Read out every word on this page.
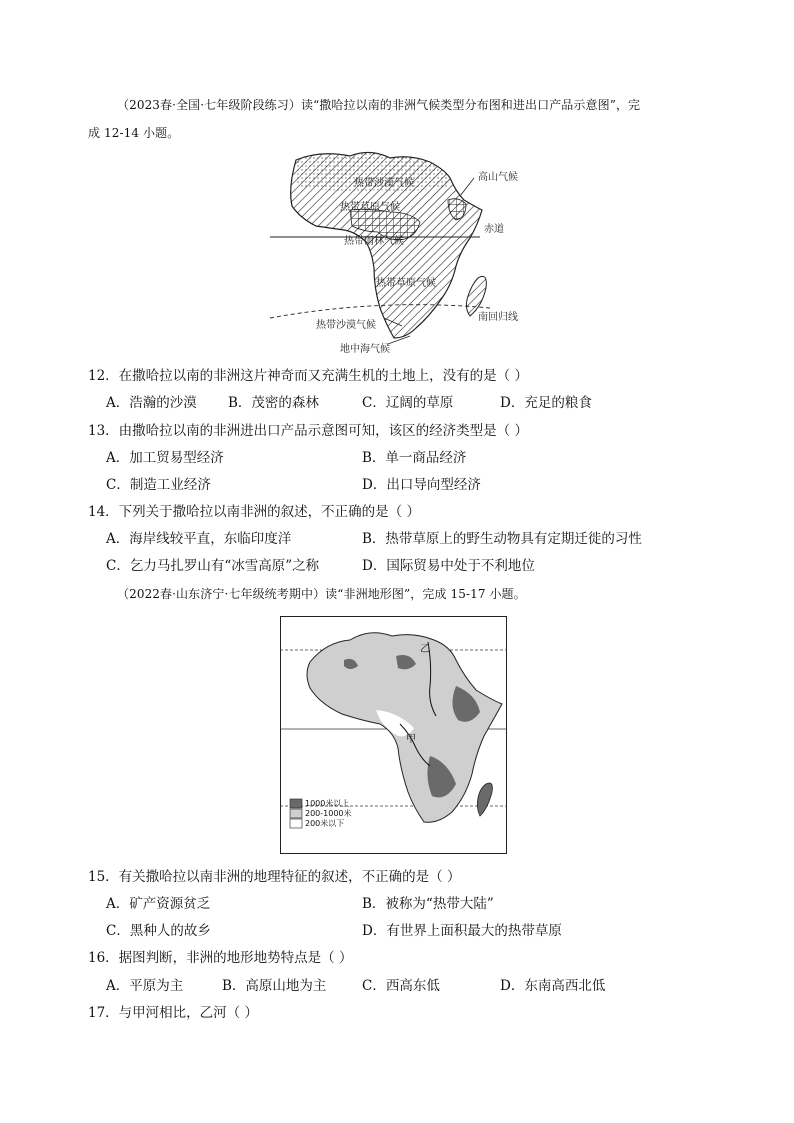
（2023春·全国·七年级阶段练习）读“撒哈拉以南的非洲气候类型分布图和进出口产品示意图”，完
成 12-14 小题。
热带沙漠气候
热带草原气候
高山气候
赤道
热带雨林气候
热带草原气候
南回归线
热带沙漠气候
地中海气候
12．在撒哈拉以南的非洲这片神奇而又充满生机的土地上，没有的是（ ）
A．浩瀚的沙漠 B．茂密的森林	C．辽阔的草原	D．充足的粮食
13．由撒哈拉以南的非洲进出口产品示意图可知，该区的经济类型是（ ）
A．加工贸易型经济	B．单一商品经济
C．制造工业经济	D．出口导向型经济
14．下列关于撒哈拉以南非洲的叙述，不正确的是（ ）
A．海岸线较平直，东临印度洋	B．热带草原上的野生动物具有定期迁徙的习性
C．乞力马扎罗山有“冰雪高原”之称	D．国际贸易中处于不利地位
（2022春·山东济宁·七年级统考期中）读“非洲地形图”，完成 15-17 小题。
甲
乙
1000米以上
200-1000米
200米以下
15．有关撒哈拉以南非洲的地理特征的叙述，不正确的是（ ）
A．矿产资源贫乏	B．被称为“热带大陆”
C．黑种人的故乡	D．有世界上面积最大的热带草原
16．据图判断，非洲的地形地势特点是（ ）
A．平原为主	B．高原山地为主	C．西高东低	D．东南高西北低
17．与甲河相比，乙河（ ）
